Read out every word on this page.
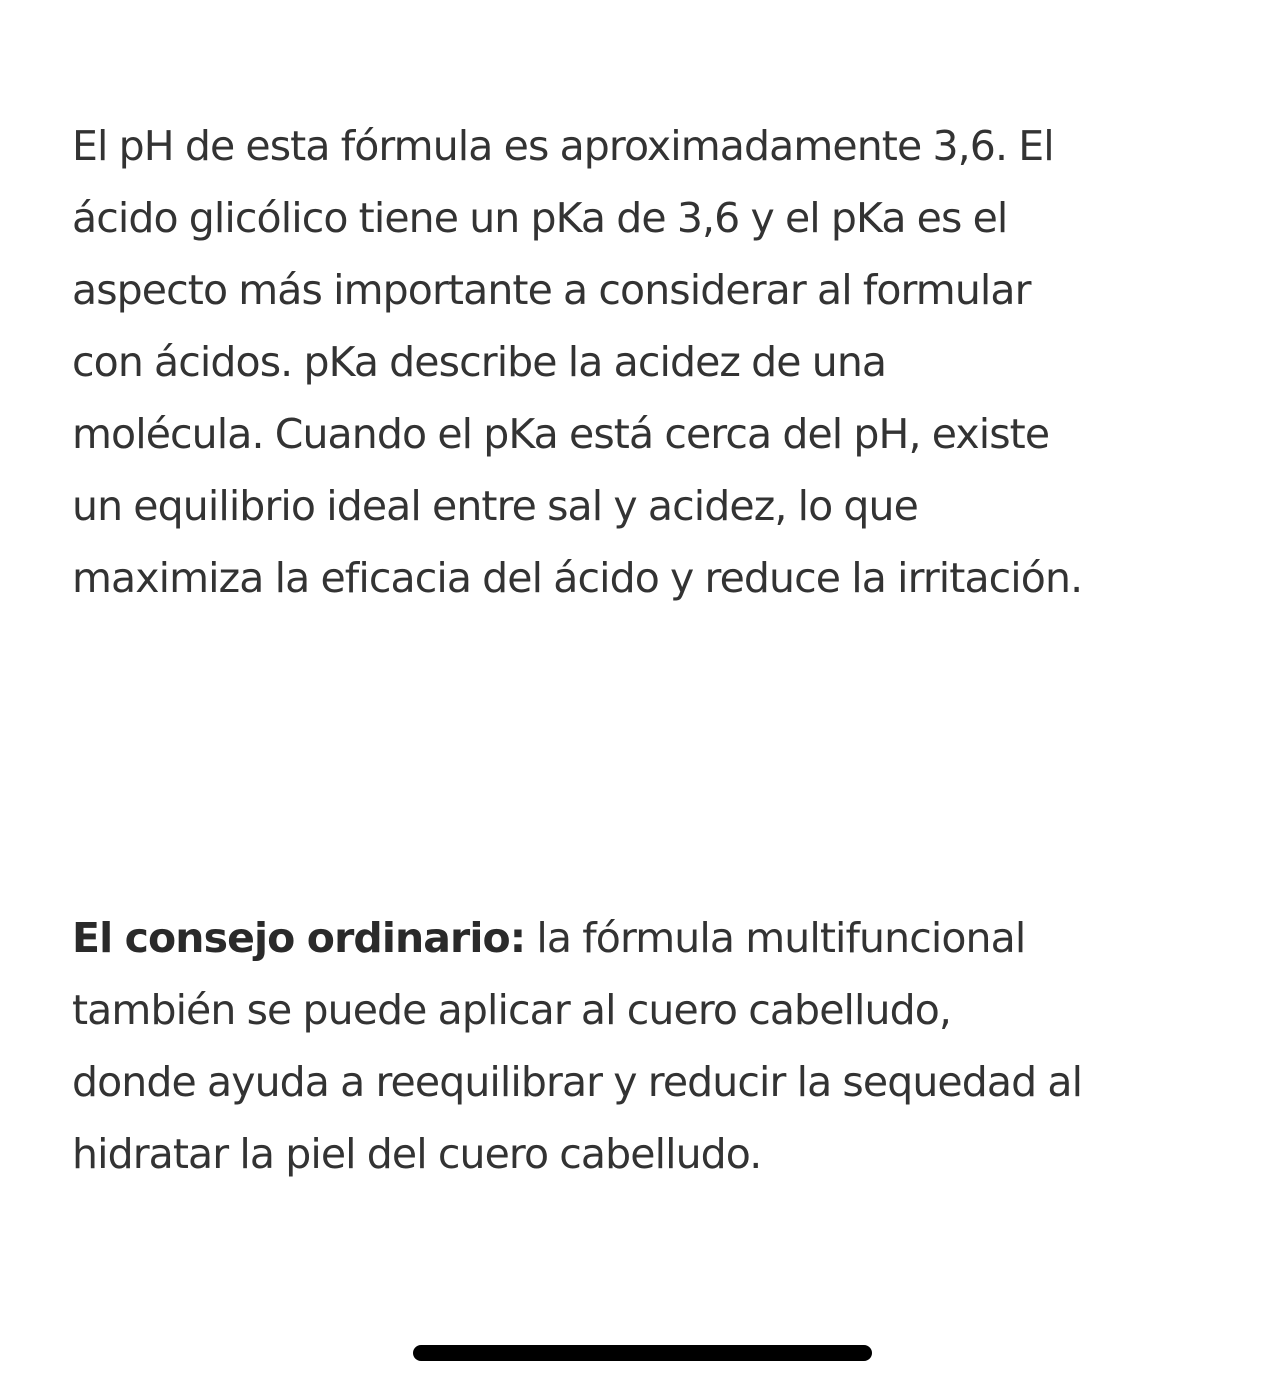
El pH de esta fórmula es aproximadamente 3,6. El
ácido glicólico tiene un pKa de 3,6 y el pKa es el
aspecto más importante a considerar al formular
con ácidos. pKa describe la acidez de una
molécula. Cuando el pKa está cerca del pH, existe
un equilibrio ideal entre sal y acidez, lo que
maximiza la eficacia del ácido y reduce la irritación.
El consejo ordinario: la fórmula multifuncional
también se puede aplicar al cuero cabelludo,
donde ayuda a reequilibrar y reducir la sequedad al
hidratar la piel del cuero cabelludo.
